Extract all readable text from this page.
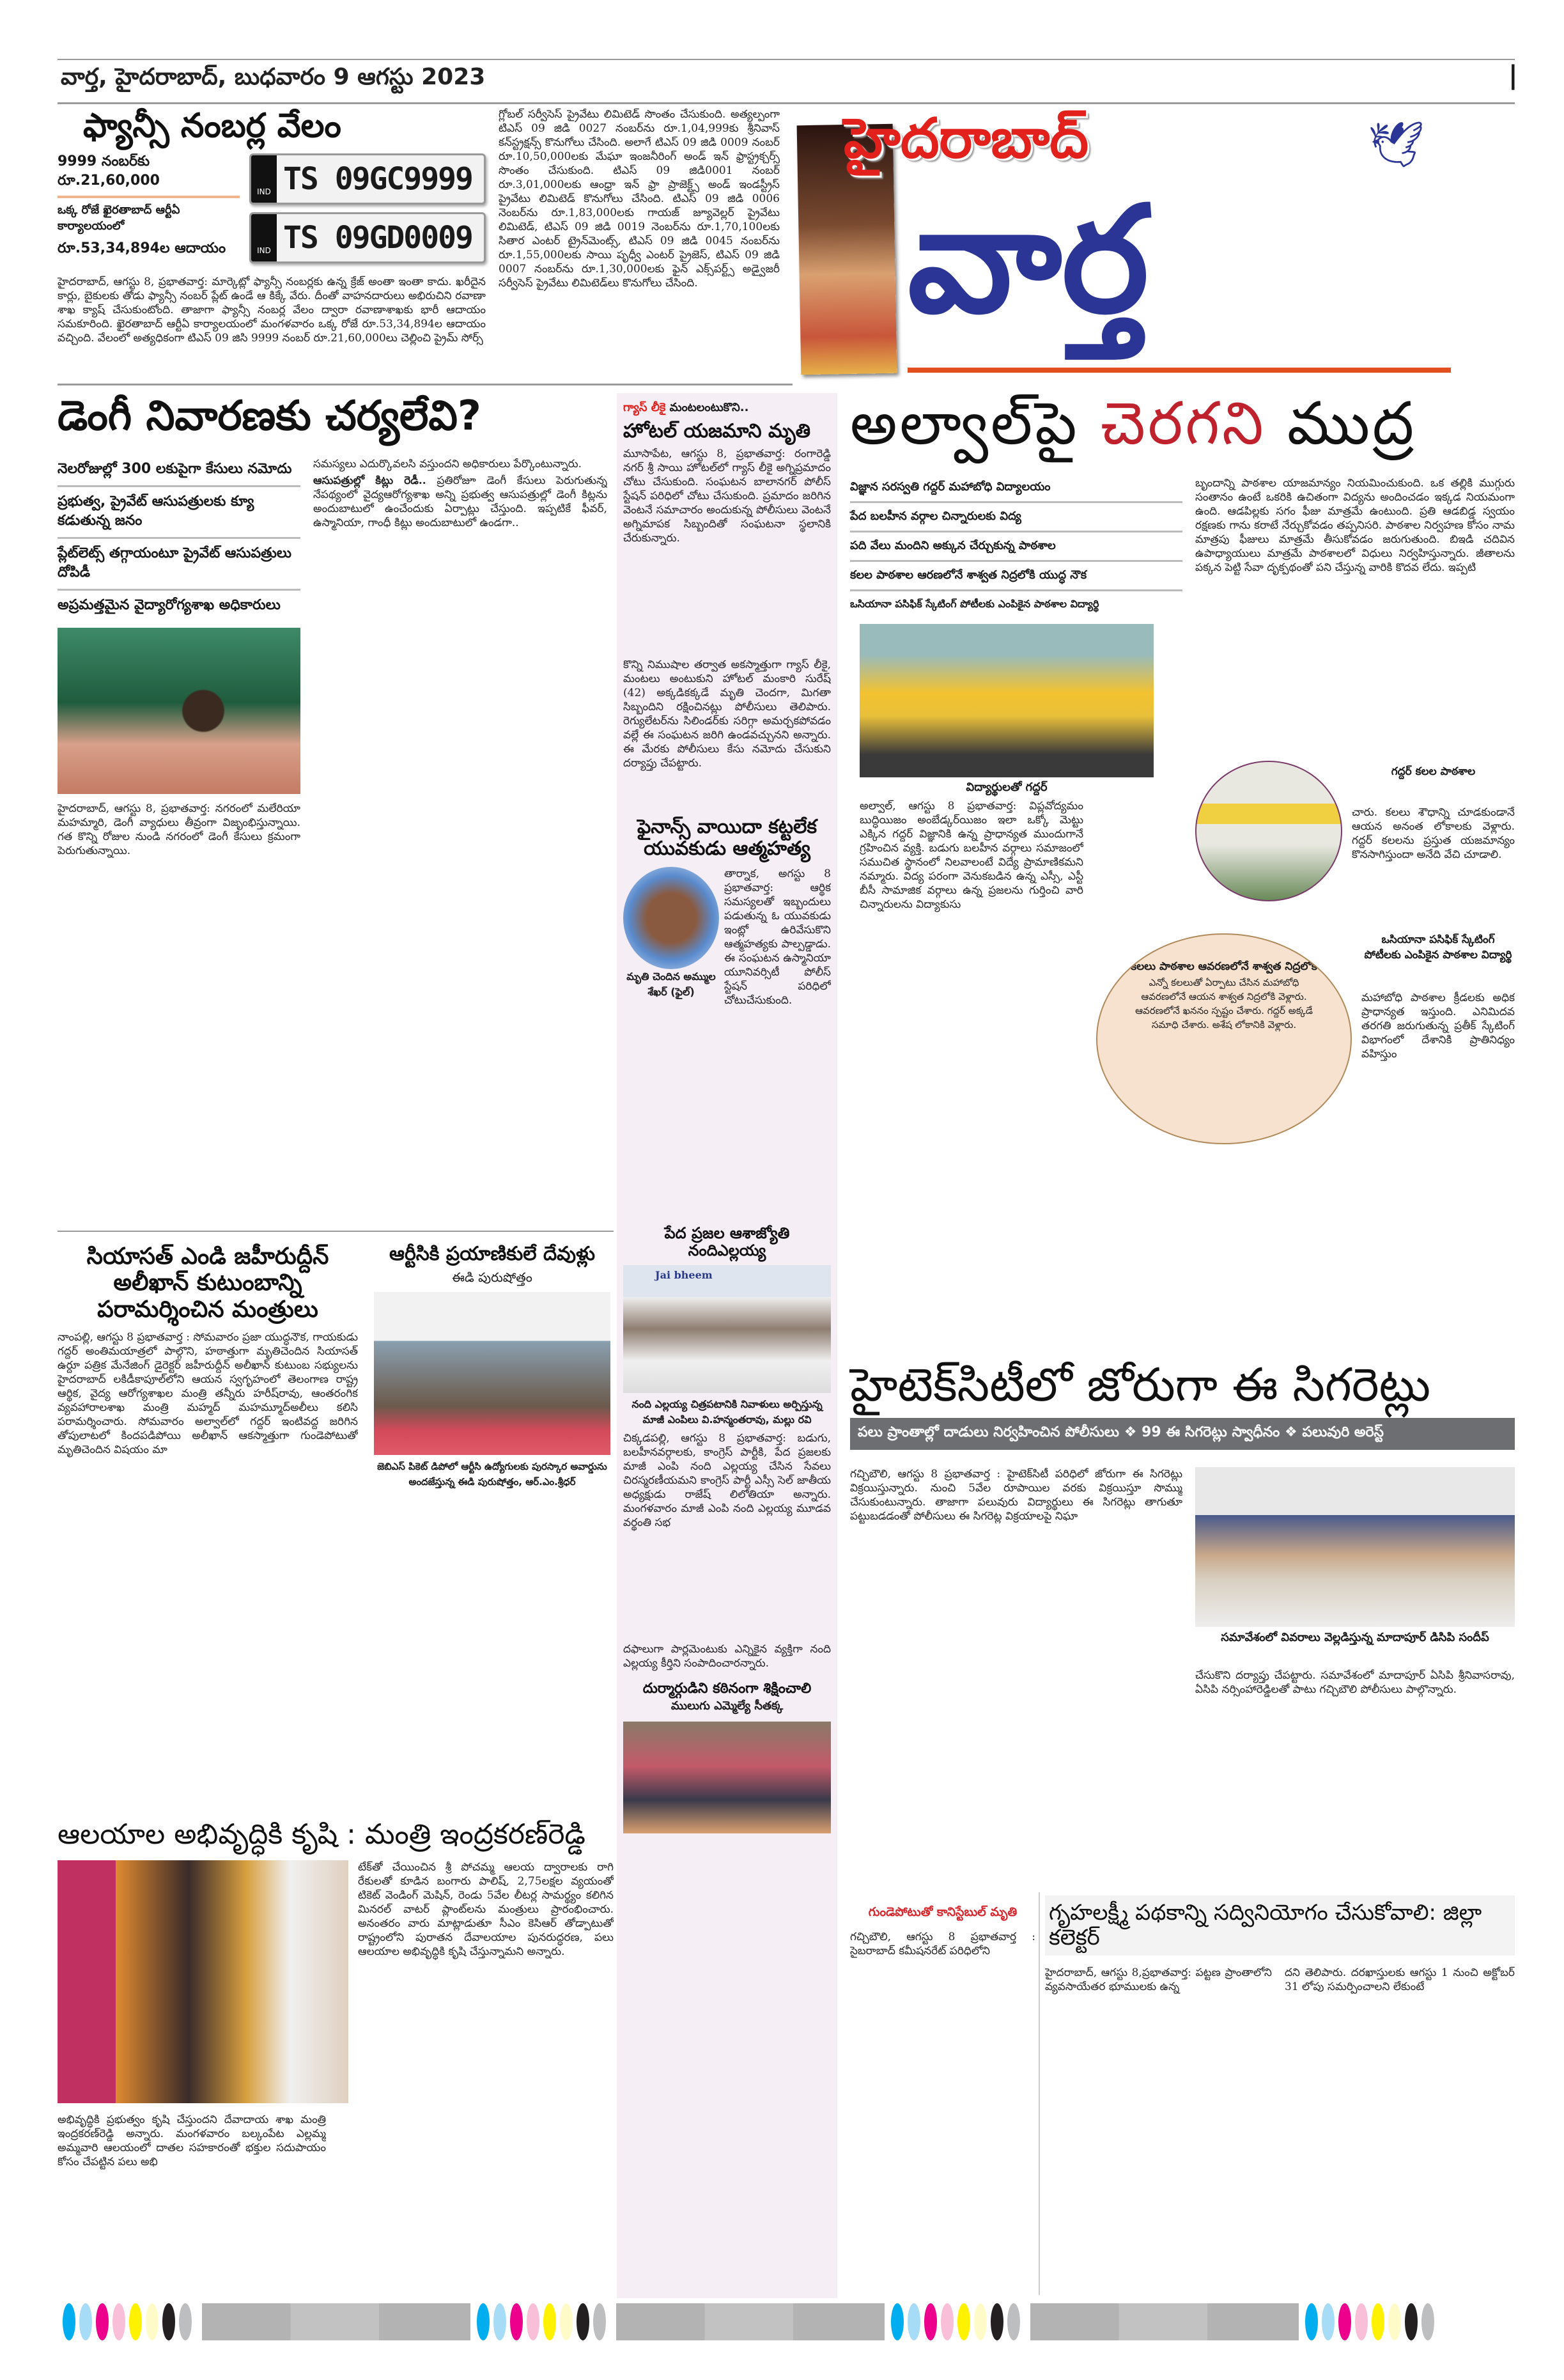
వార్త, హైదరాబాద్, బుధవారం 9 ఆగస్టు 2023	|
ఫ్యాన్సీ నంబర్ల వేలం
9999 నంబర్‌కు రూ.21,60,000
ఒక్క రోజే ఖైరతాబాద్ ఆర్టీఏ కార్యాలయంలో
రూ.53,34,894ల ఆదాయం
IND TS 09GC9999
IND TS 09GD0009
హైదరాబాద్, ఆగస్టు 8, ప్రభాతవార్త: మార్కెట్లో ఫ్యాన్సీ నంబర్లకు ఉన్న క్రేజ్ అంతా ఇంతా కాదు. ఖరీదైన కార్లు, బైకులకు తోడు ఫ్యాన్సీ నంబర్ ప్లేట్ ఉండే ఆ కిక్కే వేరు. దీంతో వాహనదారులు అభిరుచిని రవాణా శాఖ క్యాష్ చేసుకుంటోంది. తాజాగా ఫ్యాన్సీ నంబర్ల వేలం ద్వారా రవాణాశాఖకు భారీ ఆదాయం సమకూరింది. ఖైరతాబాద్ ఆర్టీఏ కార్యాలయంలో మంగళవారం ఒక్క రోజే రూ.53,34,894ల ఆదాయం వచ్చింది. వేలంలో అత్యధికంగా టిఎస్ 09 జిసి 9999 నంబర్ రూ.21,60,000లు చెల్లించి ప్రైమ్ సోర్స్
గ్లోబల్ సర్వీసెస్ ప్రైవేటు లిమిటెడ్ సొంతం చేసుకుంది. అత్యల్పంగా టిఎస్ 09 జిడి 0027 నంబర్‌ను రూ.1,04,999కు శ్రీనివాస్ కన్‌స్ట్రక్షన్స్ కొనుగోలు చేసింది. అలాగే టిఎస్ 09 జిడి 0009 నంబర్ రూ.10,50,000లకు మేఘా ఇంజనీరింగ్ అండ్ ఇన్ ఫ్రాస్ట్రక్చర్స్ సొంతం చేసుకుంది. టిఎస్ 09 జిడి0001 నంబర్ రూ.3,01,000లకు ఆంధ్రా ఇన్ ఫ్రా ప్రాజెక్ట్స్ అండ్ ఇండస్ట్రీస్ ప్రైవేటు లిమిటెడ్ కొనుగోలు చేసింది. టిఎస్ 09 జిడి 0006 నెంబర్‌ను రూ.1,83,000లకు గాయజ్ జ్యూవెల్లర్ ప్రైవేటు లిమిటెడ్, టిఎస్ 09 జిడి 0019 నెంబర్‌ను రూ.1,70,100లకు సితార ఎంటర్ ట్రైన్‌మెంట్స్, టిఎస్ 09 జిడి 0045 నంబర్‌ను రూ.1,55,000లకు సాయి పృధ్వీ ఎంటర్ ప్రైజెస్, టిఎస్ 09 జిడి 0007 నంబర్‌ను రూ.1,30,000లకు ఫైన్ ఎక్స్‌పర్ట్స్ అడ్వైజరీ సర్వీసెస్ ప్రైవేటు లిమిటెడ్‌లు కొనుగోలు చేసింది.
హైదరాబాద్	🕊
వార్త
డెంగీ నివారణకు చర్యలేవి?
నెలరోజుల్లో 300 లకుపైగా కేసులు నమోదు
ప్రభుత్వ, ప్రైవేట్ ఆసుపత్రులకు క్యూ కడుతున్న జనం
ప్లేట్‌లెట్స్ తగ్గాయంటూ ప్రైవేట్ ఆసుపత్రులు దోపిడీ
అప్రమత్తమైన వైద్యారోగ్యశాఖ అధికారులు
హైదరాబాద్, ఆగస్టు 8, ప్రభాతవార్త: నగరంలో మలేరియా మహమ్మారి, డెంగీ వ్యాధులు తీవ్రంగా విజృంభిస్తున్నాయి. గత కొన్ని రోజుల నుండి నగరంలో డెంగీ కేసులు క్రమంగా పెరుగుతున్నాయి.

సమస్యలు ఎదుర్కొవలసి వస్తుందని అధికారులు పేర్కొంటున్నారు.

ఆసుపత్రుల్లో కిట్లు రెడీ.. ప్రతిరోజూ డెంగీ కేసులు పెరుగుతున్న నేపథ్యంలో వైద్యఆరోగ్యశాఖ అన్ని ప్రభుత్వ ఆసుపత్రుల్లో డెంగీ కిట్లను అందుబాటులో ఉంచేందుకు ఏర్పాట్లు చేస్తుంది. ఇప్పటికే ఫీవర్, ఉస్మానియా, గాంధీ కిట్లు అందుబాటులో ఉండగా..

సియాసత్ ఎండి జహీరుద్దీన్ అలీఖాన్ కుటుంబాన్ని పరామర్శించిన మంత్రులు
నాంపల్లి, ఆగస్టు 8 ప్రభాతవార్త : సోమవారం ప్రజా యుద్ధనౌక, గాయకుడు గద్దర్ అంతిమయాత్రలో పాల్గొని, హఠాత్తుగా మృతిచెందిన సియాసత్ ఉర్దూ పత్రిక మేనేజింగ్ డైరెక్టర్ జహీరుద్దీన్ అలీఖాన్ కుటుంబ సభ్యులను హైదరాబాద్ లకిడీకాపూల్‌లోని ఆయన స్వగృహంలో తెలంగాణ రాష్ట్ర ఆర్థిక, వైద్య ఆరోగ్యశాఖల మంత్రి తన్నీరు హరీష్‌రావు, ఆంతరంగిక వ్యవహారాలశాఖ మంత్రి మహ్మద్ మహమ్మూద్‌అలీలు కలిసి పరామర్శించారు. సోమవారం అల్వాల్‌లో గద్దర్ ఇంటివద్ద జరిగిన తోపులాటలో కిందపడిపోయి అలీఖాన్ ఆకస్మాత్తుగా గుండెపోటుతో మృతిచెందిన విషయం మా
ఆర్టీసికి ప్రయాణికులే దేవుళ్లు
ఈడి పురుషోత్తం
జెబిఎస్ పికెట్ డిపోలో ఆర్టీసి ఉద్యోగులకు పురస్కార అవార్డును అందజేస్తున్న ఈడి పురుషోత్తం, ఆర్.ఎం.శ్రీధర్
గ్యాస్ లీకై మంటలంటుకొని..
హోటల్ యజమాని మృతి
మూసాపేట, ఆగస్టు 8, ప్రభాతవార్త: రంగారెడ్డి నగర్ శ్రీ సాయి హోటల్‌లో గ్యాస్ లీకై అగ్నిప్రమాదం చోటు చేసుకుంది. సంఘటన బాలానగర్ పోలీస్ స్టేషన్ పరిధిలో చోటు చేసుకుంది. ప్రమాదం జరిగిన వెంటనే సమాచారం అందుకున్న పోలీసులు వెంటనే అగ్నిమాపక సిబ్బందితో సంఘటనా స్థలానికి చేరుకున్నారు.
కొన్ని నిముషాల తర్వాత అకస్మాత్తుగా గ్యాస్ లీకై, మంటలు అంటుకుని హోటల్ మంకారి సురేష్ (42) అక్కడికక్కడే మృతి చెందగా, మిగతా సిబ్బందిని రక్షించినట్లు పోలీసులు తెలిపారు. రెగ్యులేటర్‌ను సిలిండర్‌కు సరిగ్గా అమర్చకపోవడం వల్లే ఈ సంఘటన జరిగి ఉండవచ్చునని అన్నారు. ఈ మేరకు పోలీసులు కేసు నమోదు చేసుకుని దర్యాప్తు చేపట్టారు.
ఫైనాన్స్ వాయిదా కట్టలేక యువకుడు ఆత్మహత్య
మృతి చెందిన అమ్ముల శేఖర్ (ఫైల్)
తార్నాక, అగస్టు 8 ప్రభాతవార్త: ఆర్థిక సమస్యలతో ఇబ్బందులు పడుతున్న ఓ యువకుడు ఇంట్లో ఉరివేసుకొని ఆత్మహత్యకు పాల్పడ్డాడు. ఈ సంఘటన ఉస్మానియా యూనివర్సిటీ పోలీస్ స్టేషన్ పరిధిలో చోటుచేసుకుంది.
పేద ప్రజల ఆశాజ్యోతి నందిఎల్లయ్య
Jai bheem
నంది ఎల్లయ్య చిత్రపటానికి నివాళులు అర్పిస్తున్న మాజీ ఎంపిలు వి.హన్మంతరావు, మల్లు రవి
చిక్కడపల్లి, ఆగస్టు 8 ప్రభాతవార్త: బడుగు, బలహీనవర్గాలకు, కాంగ్రెస్ పార్టీకి, పేద ప్రజలకు మాజీ ఎంపి నంది ఎల్లయ్య చేసిన సేవలు చిరస్మరణీయమని కాంగ్రెస్ పార్టీ ఎస్సీ సెల్ జాతీయ అధ్యక్షుడు రాజేష్ లిలోతియా అన్నారు. మంగళవారం మాజీ ఎంపి నంది ఎల్లయ్య మూడవ వర్థంతి సభ
దఫాలుగా పార్లమెంటుకు ఎన్నికైన వ్యక్తిగా నంది ఎల్లయ్య కీర్తిని సంపాదించారన్నారు.
దుర్మార్గుడిని కఠినంగా శిక్షించాలి
ములుగు ఎమ్మెల్యే సీతక్క
అల్వాల్‌పై చెరగని ముద్ర
విజ్ఞాన సరస్వతి గద్దర్ మహాబోధి విద్యాలయం
పేద బలహీన వర్గాల చిన్నారులకు విద్య
పది వేలు మందిని అక్కున చేర్చుకున్న పాఠశాల
కలల పాఠశాల ఆరణలోనే శాశ్వత నిద్రలోకి యుద్ధ నౌక
ఒసియానా పసిఫిక్ స్కేటింగ్ పోటీలకు ఎంపికైన పాఠశాల విద్యార్థి
విద్యార్థులతో గద్దర్
అల్వాల్, ఆగస్టు 8 ప్రభాతవార్త: విప్లవోద్యమం బుద్ధియిజం అంబేడ్కర్‌యిజం ఇలా ఒక్కో మెట్టు ఎక్కిన గద్దర్ విజ్ఞానికి ఉన్న ప్రాధాన్యత ముందుగానే గ్రహించిన వ్యక్తి. బడుగు బలహీన వర్గాలు సమాజంలో సముచిత స్థానంలో నిలవాలంటే విద్యే ప్రామాణికమని నమ్మారు. విద్య పరంగా వెనుకబడిన ఉన్న ఎస్సీ, ఎస్టీ బీసీ సామాజిక వర్గాలు ఉన్న ప్రజలను గుర్తించి వారి చిన్నారులను విద్యాకుసు
బృందాన్ని పాఠశాల యాజమాన్యం నియమించుకుంది. ఒక తల్లికి ముగ్గురు సంతానం ఉంటే ఒకరికి ఉచితంగా విద్యను అందించడం ఇక్కడ నియమంగా ఉంది. ఆడపిల్లకు సగం ఫీజు మాత్రమే ఉంటుంది. ప్రతి ఆడబిడ్డ స్వయం రక్షణకు గాను కరాటే నేర్చుకోవడం తప్పనిసరి. పాఠశాల నిర్వహణ కోసం నామ మాత్రపు ఫీజులు మాత్రమే తీసుకోవడం జరుగుతుంది. బిఇడి చదివిన ఉపాధ్యాయులు మాత్రమే పాఠశాలలో విధులు నిర్వహిస్తున్నారు. జీతాలను పక్కన పెట్టి సేవా దృక్పథంతో పని చేస్తున్న వారికి కొదవ లేదు. ఇప్పటి
గద్దర్ కలల పాఠశాల
చారు. కలలు శౌధాన్ని చూడకుండానే ఆయన అనంత లోకాలకు వెళ్లారు. గద్దర్ కలలను ప్రస్తుత యజమాన్యం కొనసాగిస్తుందా అనేది వేచి చూడాలి.
కలలు పాఠశాల ఆవరణలోనే శాశ్వత నిద్రలోకి
ఎన్నో కలలుతో ఏర్పాటు చేసిన మహాబోధి ఆవరణలోనే ఆయన శాశ్వత నిద్రలోకి వెళ్లారు. ఆవరణలోనే ఖననం స్పష్టం చేశారు. గద్దర్ అక్కడే సమాధి చేశారు. అశేష లోకానికి వెళ్లారు.
ఒసియానా పసిఫిక్ స్కేటింగ్ పోటీలకు ఎంపికైన పాఠశాల విద్యార్థి
మహాబోధి పాఠశాల క్రీడలకు అధిక ప్రాధాన్యత ఇస్తుంది. ఎనిమిదవ తరగతి జరుగుతున్న ప్రతీక్ స్కేటింగ్ విభాగంలో దేశానికి ప్రాతినిధ్యం వహిస్తుం
హైటెక్‌సిటీలో జోరుగా ఈ సిగరెట్లు
పలు ప్రాంతాల్లో దాడులు నిర్వహించిన పోలీసులు ❖ 99 ఈ సిగరెట్లు స్వాధీనం ❖ పలువురి అరెస్ట్
గచ్చిబౌలి, ఆగస్టు 8 ప్రభాతవార్త : హైటెక్‌సిటీ పరిధిలో జోరుగా ఈ సిగరెట్లు విక్రయిస్తున్నారు. నుంచి 5వేల రూపాయిల వరకు విక్రయిస్తూ సొమ్ము చేసుకుంటున్నారు. తాజాగా పలువురు విద్యార్థులు ఈ సిగరెట్లు తాగుతూ పట్టుబడడంతో పోలీసులు ఈ సిగరెట్ల విక్రయాలపై నిఘా
సమావేశంలో వివరాలు వెల్లడిస్తున్న మాదాపూర్ డిసిపి సందీప్
చేసుకొని దర్యాప్తు చేపట్టారు. సమావేశంలో మాదాపూర్ ఏసిపి శ్రీనివాసరావు, ఏసిపి నర్సింహారెడ్డిలతో పాటు గచ్చిబౌలి పోలీసులు పాల్గొన్నారు.
ఆలయాల అభివృద్ధికి కృషి : మంత్రి ఇంద్రకరణ్‌రెడ్డి
టేక్‌తో చేయించిన శ్రీ పోచమ్మ ఆలయ ద్వారాలకు రాగి రేకులతో కూడిన బంగారు పాలిష్, 2,75లక్షల వ్యయంతో టికెట్ వెండింగ్ మెషిన్, రెండు 5వేల లీటర్ల సామర్థ్యం కలిగిన మినరల్ వాటర్ ప్లాంట్‌లను మంత్రులు ప్రారంభించారు. అనంతరం వారు మాట్లాడుతూ సీఎం కెసిఆర్ తోడ్పాటుతో రాష్ట్రంలోని పురాతన దేవాలయాల పునరుద్ధరణ, పలు ఆలయాల అభివృద్ధికి కృషి చేస్తున్నామని అన్నారు.
అభివృద్ధికి ప్రభుత్వం కృషి చేస్తుందని దేవాదాయ శాఖ మంత్రి ఇంద్రకరణ్‌రెడ్డి అన్నారు. మంగళవారం బల్కంపేట ఎల్లమ్మ అమ్మవారి ఆలయంలో దాతల సహకారంతో భక్తుల సదుపాయం కోసం చేపట్టిన పలు అభి
గుండెపోటుతో కానిస్టేబుల్ మృతి
గచ్చిబౌలి, ఆగస్టు 8 ప్రభాతవార్త : సైబరాబాద్ కమీషనరేట్ పరిధిలోని
గృహలక్ష్మీ పథకాన్ని సద్వినియోగం చేసుకోవాలి: జిల్లా కలెక్టర్
హైదరాబాద్, ఆగస్టు 8,ప్రభాతవార్త: పట్టణ ప్రాంతాలోని వ్యవసాయేతర భూములకు ఉన్న
దని తెలిపారు. దరఖాస్తులకు ఆగస్టు 1 నుంచి అక్టోబర్ 31 లోపు సమర్పించాలని లేకుంటే
